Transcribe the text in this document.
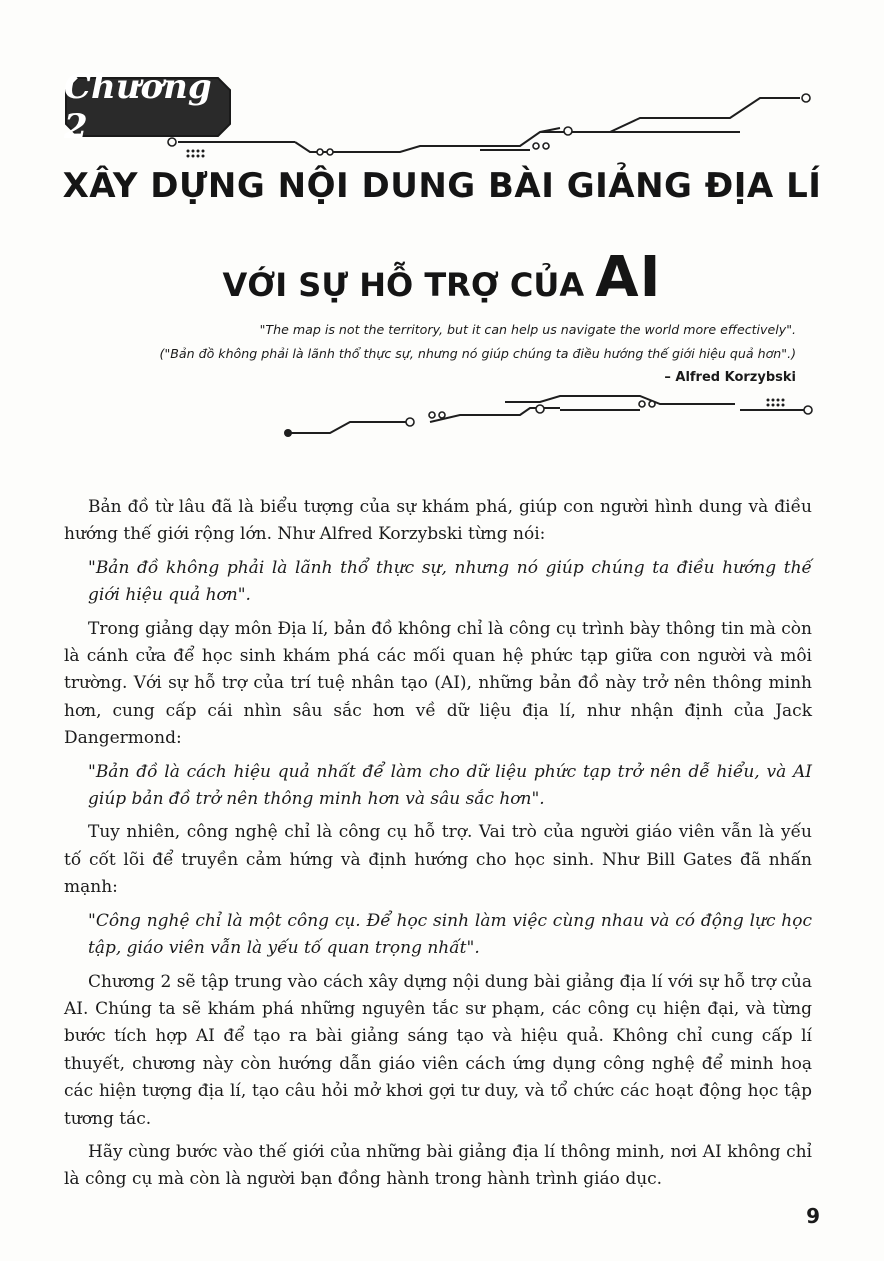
Chương 2
XÂY DỰNG NỘI DUNG BÀI GIẢNG ĐỊA LÍ
VỚI SỰ HỖ TRỢ CỦA AI
"The map is not the territory, but it can help us navigate the world more effectively".
("Bản đồ không phải là lãnh thổ thực sự, nhưng nó giúp chúng ta điều hướng thế giới hiệu quả hơn".)
– Alfred Korzybski

Bản đồ từ lâu đã là biểu tượng của sự khám phá, giúp con người hình dung và điều hướng thế giới rộng lớn. Như Alfred Korzybski từng nói:

"Bản đồ không phải là lãnh thổ thực sự, nhưng nó giúp chúng ta điều hướng thế giới hiệu quả hơn".

Trong giảng dạy môn Địa lí, bản đồ không chỉ là công cụ trình bày thông tin mà còn là cánh cửa để học sinh khám phá các mối quan hệ phức tạp giữa con người và môi trường. Với sự hỗ trợ của trí tuệ nhân tạo (AI), những bản đồ này trở nên thông minh hơn, cung cấp cái nhìn sâu sắc hơn về dữ liệu địa lí, như nhận định của Jack Dangermond:

"Bản đồ là cách hiệu quả nhất để làm cho dữ liệu phức tạp trở nên dễ hiểu, và AI giúp bản đồ trở nên thông minh hơn và sâu sắc hơn".

Tuy nhiên, công nghệ chỉ là công cụ hỗ trợ. Vai trò của người giáo viên vẫn là yếu tố cốt lõi để truyền cảm hứng và định hướng cho học sinh. Như Bill Gates đã nhấn mạnh:

"Công nghệ chỉ là một công cụ. Để học sinh làm việc cùng nhau và có động lực học tập, giáo viên vẫn là yếu tố quan trọng nhất".

Chương 2 sẽ tập trung vào cách xây dựng nội dung bài giảng địa lí với sự hỗ trợ của AI. Chúng ta sẽ khám phá những nguyên tắc sư phạm, các công cụ hiện đại, và từng bước tích hợp AI để tạo ra bài giảng sáng tạo và hiệu quả. Không chỉ cung cấp lí thuyết, chương này còn hướng dẫn giáo viên cách ứng dụng công nghệ để minh hoạ các hiện tượng địa lí, tạo câu hỏi mở khơi gợi tư duy, và tổ chức các hoạt động học tập tương tác.

Hãy cùng bước vào thế giới của những bài giảng địa lí thông minh, nơi AI không chỉ là công cụ mà còn là người bạn đồng hành trong hành trình giáo dục.

9
